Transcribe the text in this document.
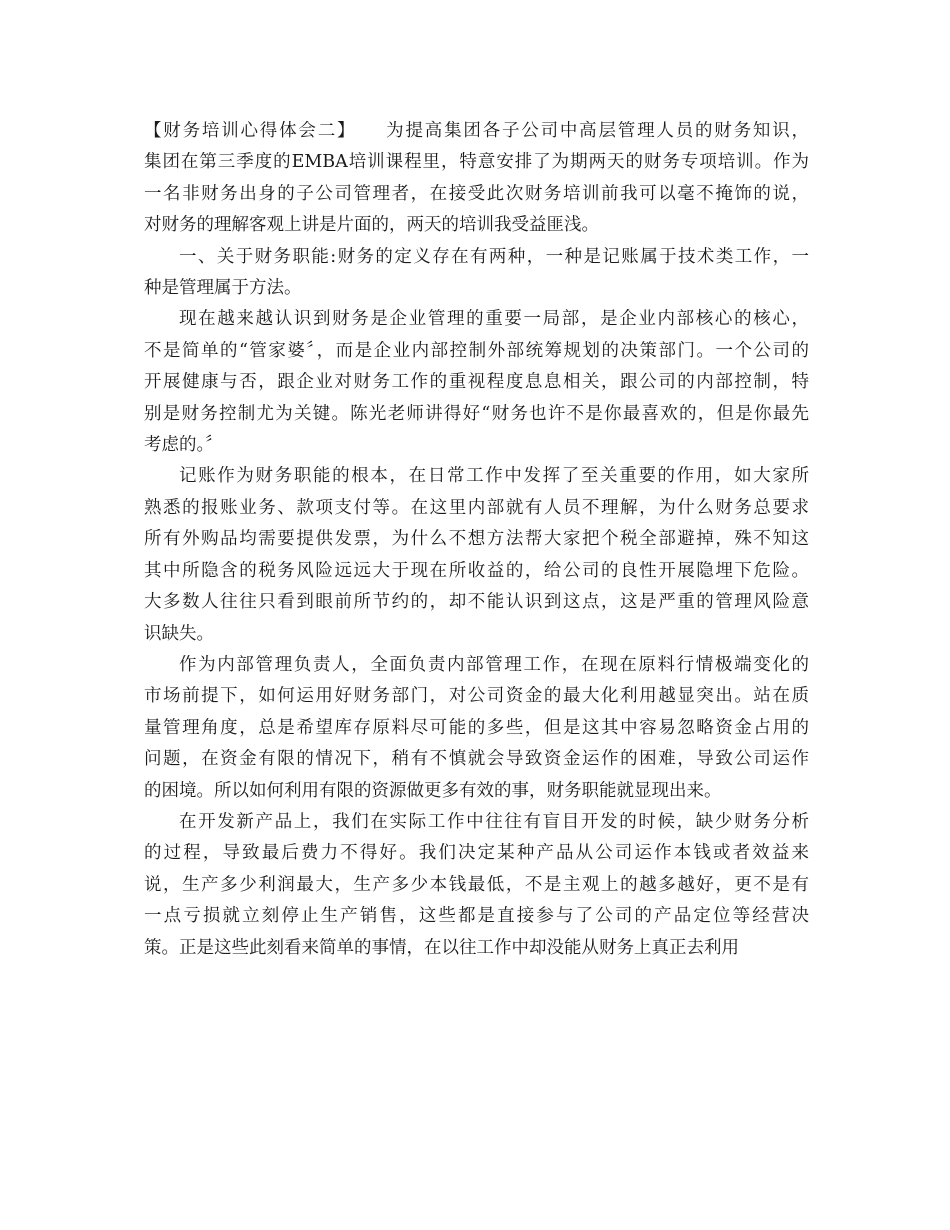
【财务培训心得体会二】　　为提高集团各子公司中高层管理人员的财务知识，
集团在第三季度的EMBA培训课程里，特意安排了为期两天的财务专项培训。作为
一名非财务出身的子公司管理者，在接受此次财务培训前我可以毫不掩饰的说，
对财务的理解客观上讲是片面的，两天的培训我受益匪浅。
一、关于财务职能:财务的定义存在有两种，一种是记账属于技术类工作，一
种是管理属于方法。
现在越来越认识到财务是企业管理的重要一局部，是企业内部核心的核心，
不是简单的“管家婆〞，而是企业内部控制外部统筹规划的决策部门。一个公司的
开展健康与否，跟企业对财务工作的重视程度息息相关，跟公司的内部控制，特
别是财务控制尤为关键。陈光老师讲得好“财务也许不是你最喜欢的，但是你最先
考虑的。〞
记账作为财务职能的根本，在日常工作中发挥了至关重要的作用，如大家所
熟悉的报账业务、款项支付等。在这里内部就有人员不理解，为什么财务总要求
所有外购品均需要提供发票，为什么不想方法帮大家把个税全部避掉，殊不知这
其中所隐含的税务风险远远大于现在所收益的，给公司的良性开展隐埋下危险。
大多数人往往只看到眼前所节约的，却不能认识到这点，这是严重的管理风险意
识缺失。
作为内部管理负责人，全面负责内部管理工作，在现在原料行情极端变化的
市场前提下，如何运用好财务部门，对公司资金的最大化利用越显突出。站在质
量管理角度，总是希望库存原料尽可能的多些，但是这其中容易忽略资金占用的
问题，在资金有限的情况下，稍有不慎就会导致资金运作的困难，导致公司运作
的困境。所以如何利用有限的资源做更多有效的事，财务职能就显现出来。
在开发新产品上，我们在实际工作中往往有盲目开发的时候，缺少财务分析
的过程，导致最后费力不得好。我们决定某种产品从公司运作本钱或者效益来
说，生产多少利润最大，生产多少本钱最低，不是主观上的越多越好，更不是有
一点亏损就立刻停止生产销售，这些都是直接参与了公司的产品定位等经营决
策。正是这些此刻看来简单的事情，在以往工作中却没能从财务上真正去利用
